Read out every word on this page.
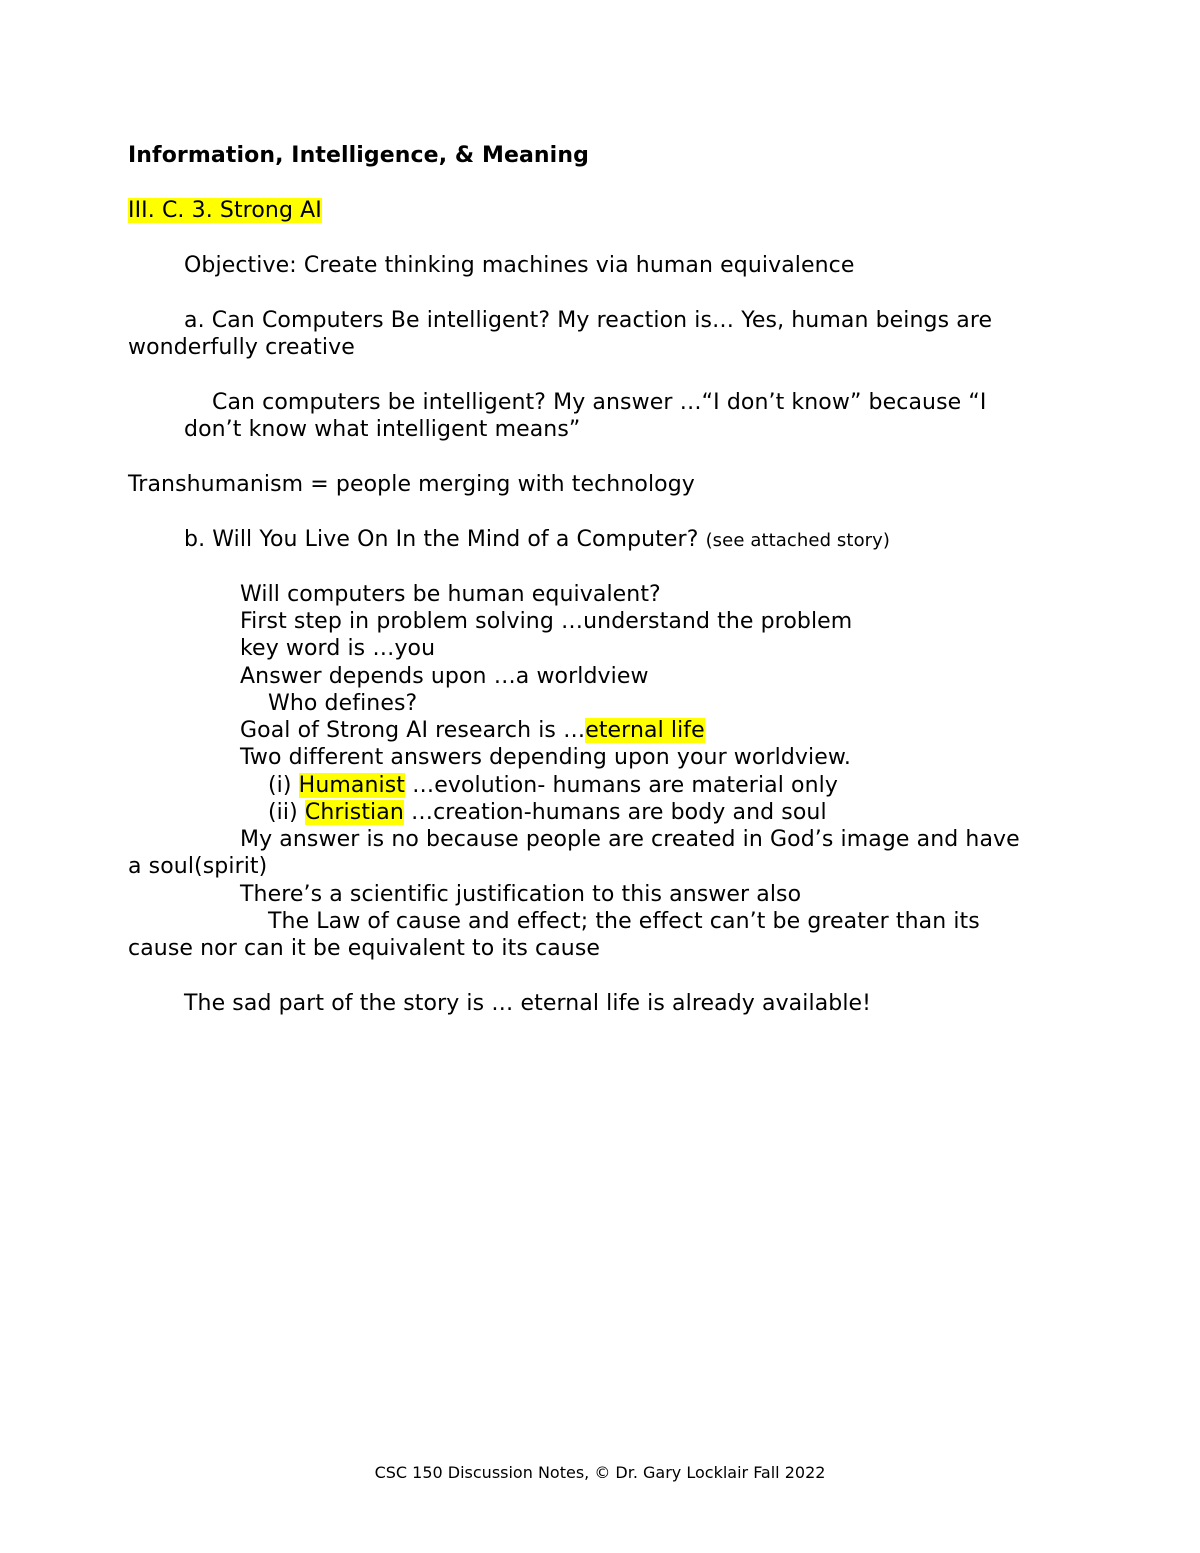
Information, Intelligence, & Meaning
III. C. 3. Strong AI
Objective: Create thinking machines via human equivalence
a. Can Computers Be intelligent? My reaction is… Yes, human beings are
wonderfully creative
Can computers be intelligent? My answer …“I don’t know” because “I
don’t know what intelligent means”
Transhumanism = people merging with technology
b. Will You Live On In the Mind of a Computer? (see attached story)
Will computers be human equivalent?
First step in problem solving …understand the problem
key word is …you
Answer depends upon …a worldview
Who defines?
Goal of Strong AI research is …eternal life
Two different answers depending upon your worldview.
(i) Humanist …evolution- humans are material only
(ii) Christian …creation-humans are body and soul
My answer is no because people are created in God’s image and have
a soul(spirit)
There’s a scientific justification to this answer also
The Law of cause and effect; the effect can’t be greater than its
cause nor can it be equivalent to its cause
The sad part of the story is … eternal life is already available!
CSC 150 Discussion Notes, © Dr. Gary Locklair Fall 2022
